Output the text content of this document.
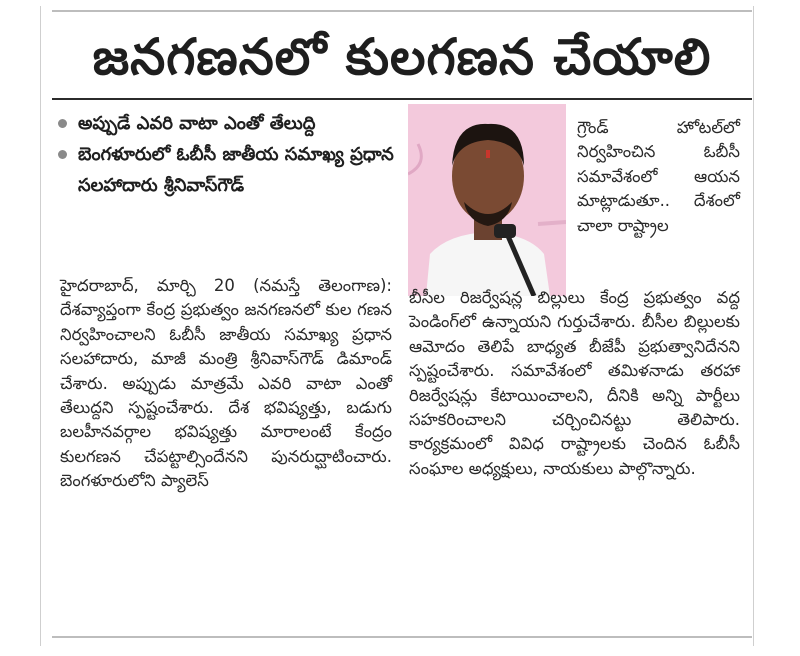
జనగణనలో కులగణన చేయాలి
అప్పుడే ఎవరి వాటా ఎంతో తేలుద్ది
బెంగళూరులో ఓబీసీ జాతీయ సమాఖ్య ప్రధాన సలహాదారు శ్రీనివాస్‌గౌడ్
హైదరాబాద్, మార్చి 20 (నమస్తే తెలంగాణ): దేశవ్యాప్తంగా కేంద్ర ప్రభుత్వం జనగణనలో కుల గణన నిర్వహించాలని ఓబీసీ జాతీయ సమాఖ్య ప్రధాన సలహాదారు, మాజీ మంత్రి శ్రీనివాస్‌గౌడ్ డిమాండ్ చేశారు. అప్పుడు మాత్రమే ఎవరి వాటా ఎంతో తేలుద్దని స్పష్టంచేశారు. దేశ భవిష్యత్తు, బడుగు బలహీనవర్గాల భవిష్యత్తు మారాలంటే కేంద్రం కులగణన చేపట్టాల్సిందేనని పునరుద్ఘాటించారు. బెంగళూరులోని ప్యాలెస్
గ్రౌండ్ హోటల్‌లో నిర్వహించిన ఓబీసీ సమావేశంలో ఆయన మాట్లాడుతూ.. దేశంలో చాలా రాష్ట్రాల
బీసీల రిజర్వేషన్ల బిల్లులు కేంద్ర ప్రభుత్వం వద్ద పెండింగ్‌లో ఉన్నాయని గుర్తుచేశారు. బీసీల బిల్లులకు ఆమోదం తెలిపే బాధ్యత బీజేపీ ప్రభుత్వానిదేనని స్పష్టంచేశారు. సమావేశంలో తమిళనాడు తరహా రిజర్వేషన్లు కేటాయించాలని, దీనికి అన్ని పార్టీలు సహకరించాలని చర్చించినట్టు తెలిపారు. కార్యక్రమంలో వివిధ రాష్ట్రాలకు చెందిన ఓబీసీ సంఘాల అధ్యక్షులు, నాయకులు పాల్గొన్నారు.
